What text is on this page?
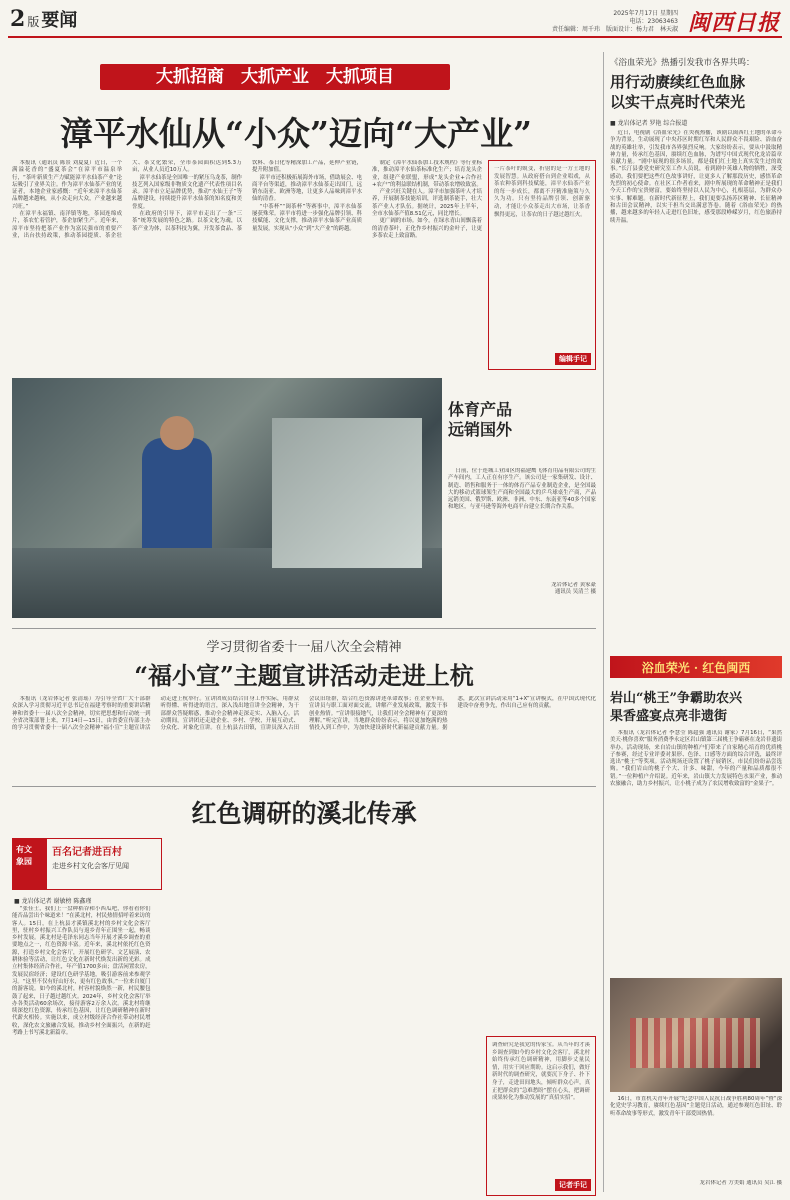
2 版 要闻	2025年7月17日 星期四
电话：23063463
责任编辑：周千玮　版面设计：杨力君　林天淑 闽西日报
大抓招商　大抓产业　大抓项目
漳平水仙从“小众”迈向“大产业”

本报讯（通讯员 陈景 刘夏夏）近日，一个满溢花香的“盛夏茶会”在漳平市温泉举行，“茶叶新质生产力赋能漳平水仙茶产业”论坛吸引了业界关注。作为漳平水仙茶产业的见证者，本地企业家感慨：“近年来漳平水仙茶品牌越来越响，从小众走向大众，产业越来越兴旺。”

在漳平永福镇、南洋镇等地，茶园连绵成片，茶农忙着管护，茶企加紧生产。近年来，漳平市坚持把茶产业作为富民强市的重要产业，出台扶持政策，推动茶园提质、茶企壮大、茶文化繁荣，全市茶园面积达到5.3万亩，从业人员近10万人。

漳平水仙茶是全国唯一的紧压乌龙茶，制作技艺列入国家级非物质文化遗产代表性项目名录。漳平市立足品牌优势，推动“水仙王子”等品牌建设，持续提升漳平水仙茶的知名度和美誉度。

在政府的引导下，漳平市走出了一条“三茶”统筹发展的特色之路。以茶文化为魂，以茶产业为体，以茶科技为翼，开发茶食品、茶饮料、茶日化等精深加工产品，延伸产业链，提升附加值。

漳平市还积极拓展海外市场，借助展会、电商平台等渠道，推动漳平水仙茶走出国门，远销东南亚、欧洲等地，让更多人品味到漳平水仙的清香。

“中茶杯”“闽茶杯”等赛事中，漳平水仙茶屡获殊荣。漳平市将进一步强化品牌引领、科技赋能、文化支撑，推动漳平水仙茶产业高质量发展，实现从“小众”到“大产业”的跨越。

制定《漳平水仙茶加工技术规程》等行业标准，推动漳平水仙茶标准化生产；培育龙头企业，组建产业联盟，形成“龙头企业+合作社+农户”的利益联结机制，带动茶农增收致富。

产业兴旺关键在人。漳平市加强茶叶人才培养，开展制茶技能培训，评选制茶能手，壮大茶产业人才队伍。据统计，2025年上半年，全市水仙茶产值8.51亿元，同比增长。

更广阔的市场。如今，在绿水青山间飘荡着的清香茶叶，正化作乡村振兴的金叶子，让更多茶农走上致富路。

一片茶叶的蜕变，折射的是一方土地的发展智慧。从政府搭台到企业唱戏，从茶农种茶到科技赋能，漳平水仙茶产业的每一步成长，都离不开精准施策与久久为功。只有坚持品牌引领、创新驱动，才能让小众茶走出大市场，让茶香飘得更远，让茶农的日子越过越红火。
编辑手记
体育产品
远销国外
日前，位于连城工业园区的福建鹰飞体育用品有限公司的生产车间内，工人正在有序生产。该公司是一家集研发、设计、制造、销售和服务于一体的体育产品专业制造企业，是全国最大的移动式篮球架生产商和全国最大的乒乓球桌生产商，产品远销美国、俄罗斯、欧洲、非洲、中东、东南亚等40多个国家和地区，与亚马逊等海外电商平台建立长期合作关系。
龙岩体记者 黄家豪
通讯员 吴清兰 摄
学习贯彻省委十一届八次全会精神
“福小宣”主题宣讲活动走进上杭
本报讯（龙岩体记者 张清瑶）为引导全省广大干部群众深入学习贯彻习近平总书记在福建考察时的重要讲话精神和省委十一届八次全会精神，切实把思想和行动统一到全省决策部署上来，7月14日—15日，由省委宣传部主办的学习贯彻省委十一届八次全会精神“福小宣”主题宣讲活动走进上杭举行。宣讲团成员结合自身工作实际，用群众听得懂、听得进的语言，深入浅出地宣讲全会精神，为干部群众答疑解惑，推动全会精神走深走实、入脑入心。活动期间，宣讲团还走进企业、乡村、学校，开展互动式、分众化、对象化宣讲。在上杭县古田镇，宣讲员深入古田会议旧址群，结合红色资源讲述革命故事；在企业车间，宣讲员与职工面对面交流，讲解产业发展政策，激发干事创业热情。“宣讲很接地气，让我们对全会精神有了更深的理解。”听完宣讲，当地群众纷纷表示，将以更加饱满的热情投入到工作中，为加快建设新时代新福建贡献力量。据悉，此次宣讲活动采用“1+X”宣讲模式，在中国式现代化建设中奋勇争先，作出自己应有的贡献。
红色调研的溪北传承
有文
象园
百名记者进百村
走进乡村文化会客厅见闻
■ 龙岩体记者 谢敏榜 陈鑫瑾
“张佳士，我们上一盘种稻谷和小西瓜吧，你看看你们能否品尝出个味道来！”在溪北村，村民热情招呼着来访的客人。15日，在上杭县才溪镇溪北村的乡村文化会客厅里，驻村乡村振兴工作队员与返乡青年正围坐一起，畅谈乡村发展。溪北村是毛泽东同志当年开展才溪乡调查的重要地点之一，红色资源丰富。近年来，溪北村依托红色资源，打造乡村文化会客厅，开展红色研学、文艺展演、农耕体验等活动，让红色文化在新时代焕发出新的光彩。成立村集体经济合作社，年产值1700多亩；盘活闲置农房，发展民宿经济；建设红色研学基地，吸引游客前来参观学习。“这里不仅有好山好水，更有红色故事。”一位来自厦门的游客说。如今的溪北村，村容村貌焕然一新，村民腰包鼓了起来，日子越过越红火。2024年，乡村文化会客厅举办各类活动60余场次，接待游客2万余人次。溪北村将继续深挖红色资源，传承红色基因，让红色调研精神在新时代薪火相传。实施以来，成立村级经济合作社带动村民增收，深化农文旅融合发展，推动乡村全面振兴，在新的赶考路上书写溪北新篇章。
调查研究是我党的传家宝。从当年的才溪乡调查到如今的乡村文化会客厅，溪北村始终传承红色调研精神，用脚步丈量民情，用实干回应期盼。这启示我们，做好新时代的调查研究，就要沉下身子、扑下身子，走进田间地头，倾听群众心声，真正把群众的“急难愁盼”摆在心头，把调研成果转化为推动发展的“真招实招”。
记者手记
《浴血荣光》热播引发我市各界共鸣：
用行动赓续红色血脉
以实干点亮时代荣光
■ 龙岩体记者 罗艳 综合报道
近日，电视剧《浴血荣光》在央视热播，该剧以闽西红土地的革命斗争为背景，生动展现了中央苏区时期红军和人民群众不畏艰险、浴血奋战的英雄壮举，引发我市各界强烈反响。大家纷纷表示，要从中汲取精神力量，传承红色基因，赓续红色血脉，为谱写中国式现代化龙岩篇章贡献力量。“剧中展现的很多场景，都是我们红土地上真实发生过的故事。”长汀县委党史研究室工作人员说，看到剧中英雄人物的牺牲，深受感动。我们要把这些红色故事讲好，让更多人了解那段历史，感悟革命先烈的初心使命。在社区工作者看来，剧中所展现的革命精神正是我们今天工作的宝贵财富，要始终坚持以人民为中心，扎根基层，为群众办实事、解难题。在新时代新征程上，我们更要弘扬苏区精神、长征精神和古田会议精神，以实干担当交出满意答卷。随着《浴血荣光》的热播，越来越多的年轻人走进红色旧址，感受那段峥嵘岁月，红色旅游持续升温。
浴血荣光 · 红色闽西
岩山“桃王”争霸助农兴
果香盛宴点亮非遗街
本报讯（龙岩体记者 李慧莹 陈超强 通讯员 谢家）7月16日，“果然美天·桃你喜欢”服务消费季永定区岩山镇第三届桃王争霸赛在龙岩非遗街举办。活动现场，来自岩山镇的种植户们带来了自家精心培育的优质桃子参赛，经过专业评委对果形、色泽、口感等方面的综合评选，最终评选出“桃王”等奖项。活动现场还设置了桃子展销区，市民们纷纷品尝选购。“我们岩山的桃子个大、汁多、味甜，今年的产量和品质都很不错。”一位种植户介绍说。近年来，岩山镇大力发展特色水果产业，推动农旅融合，助力乡村振兴，让小桃子成为了农民增收致富的“金果子”。
16日，市直机关青年开展“纪念中国人民抗日战争胜利80周年”暨“深化党史学习教育，赓续红色基因”主题党日活动，通过参观红色旧址、聆听革命故事等形式，激发青年干部爱国热情。
龙岩体记者 方美娟 通讯员 吴江 摄
